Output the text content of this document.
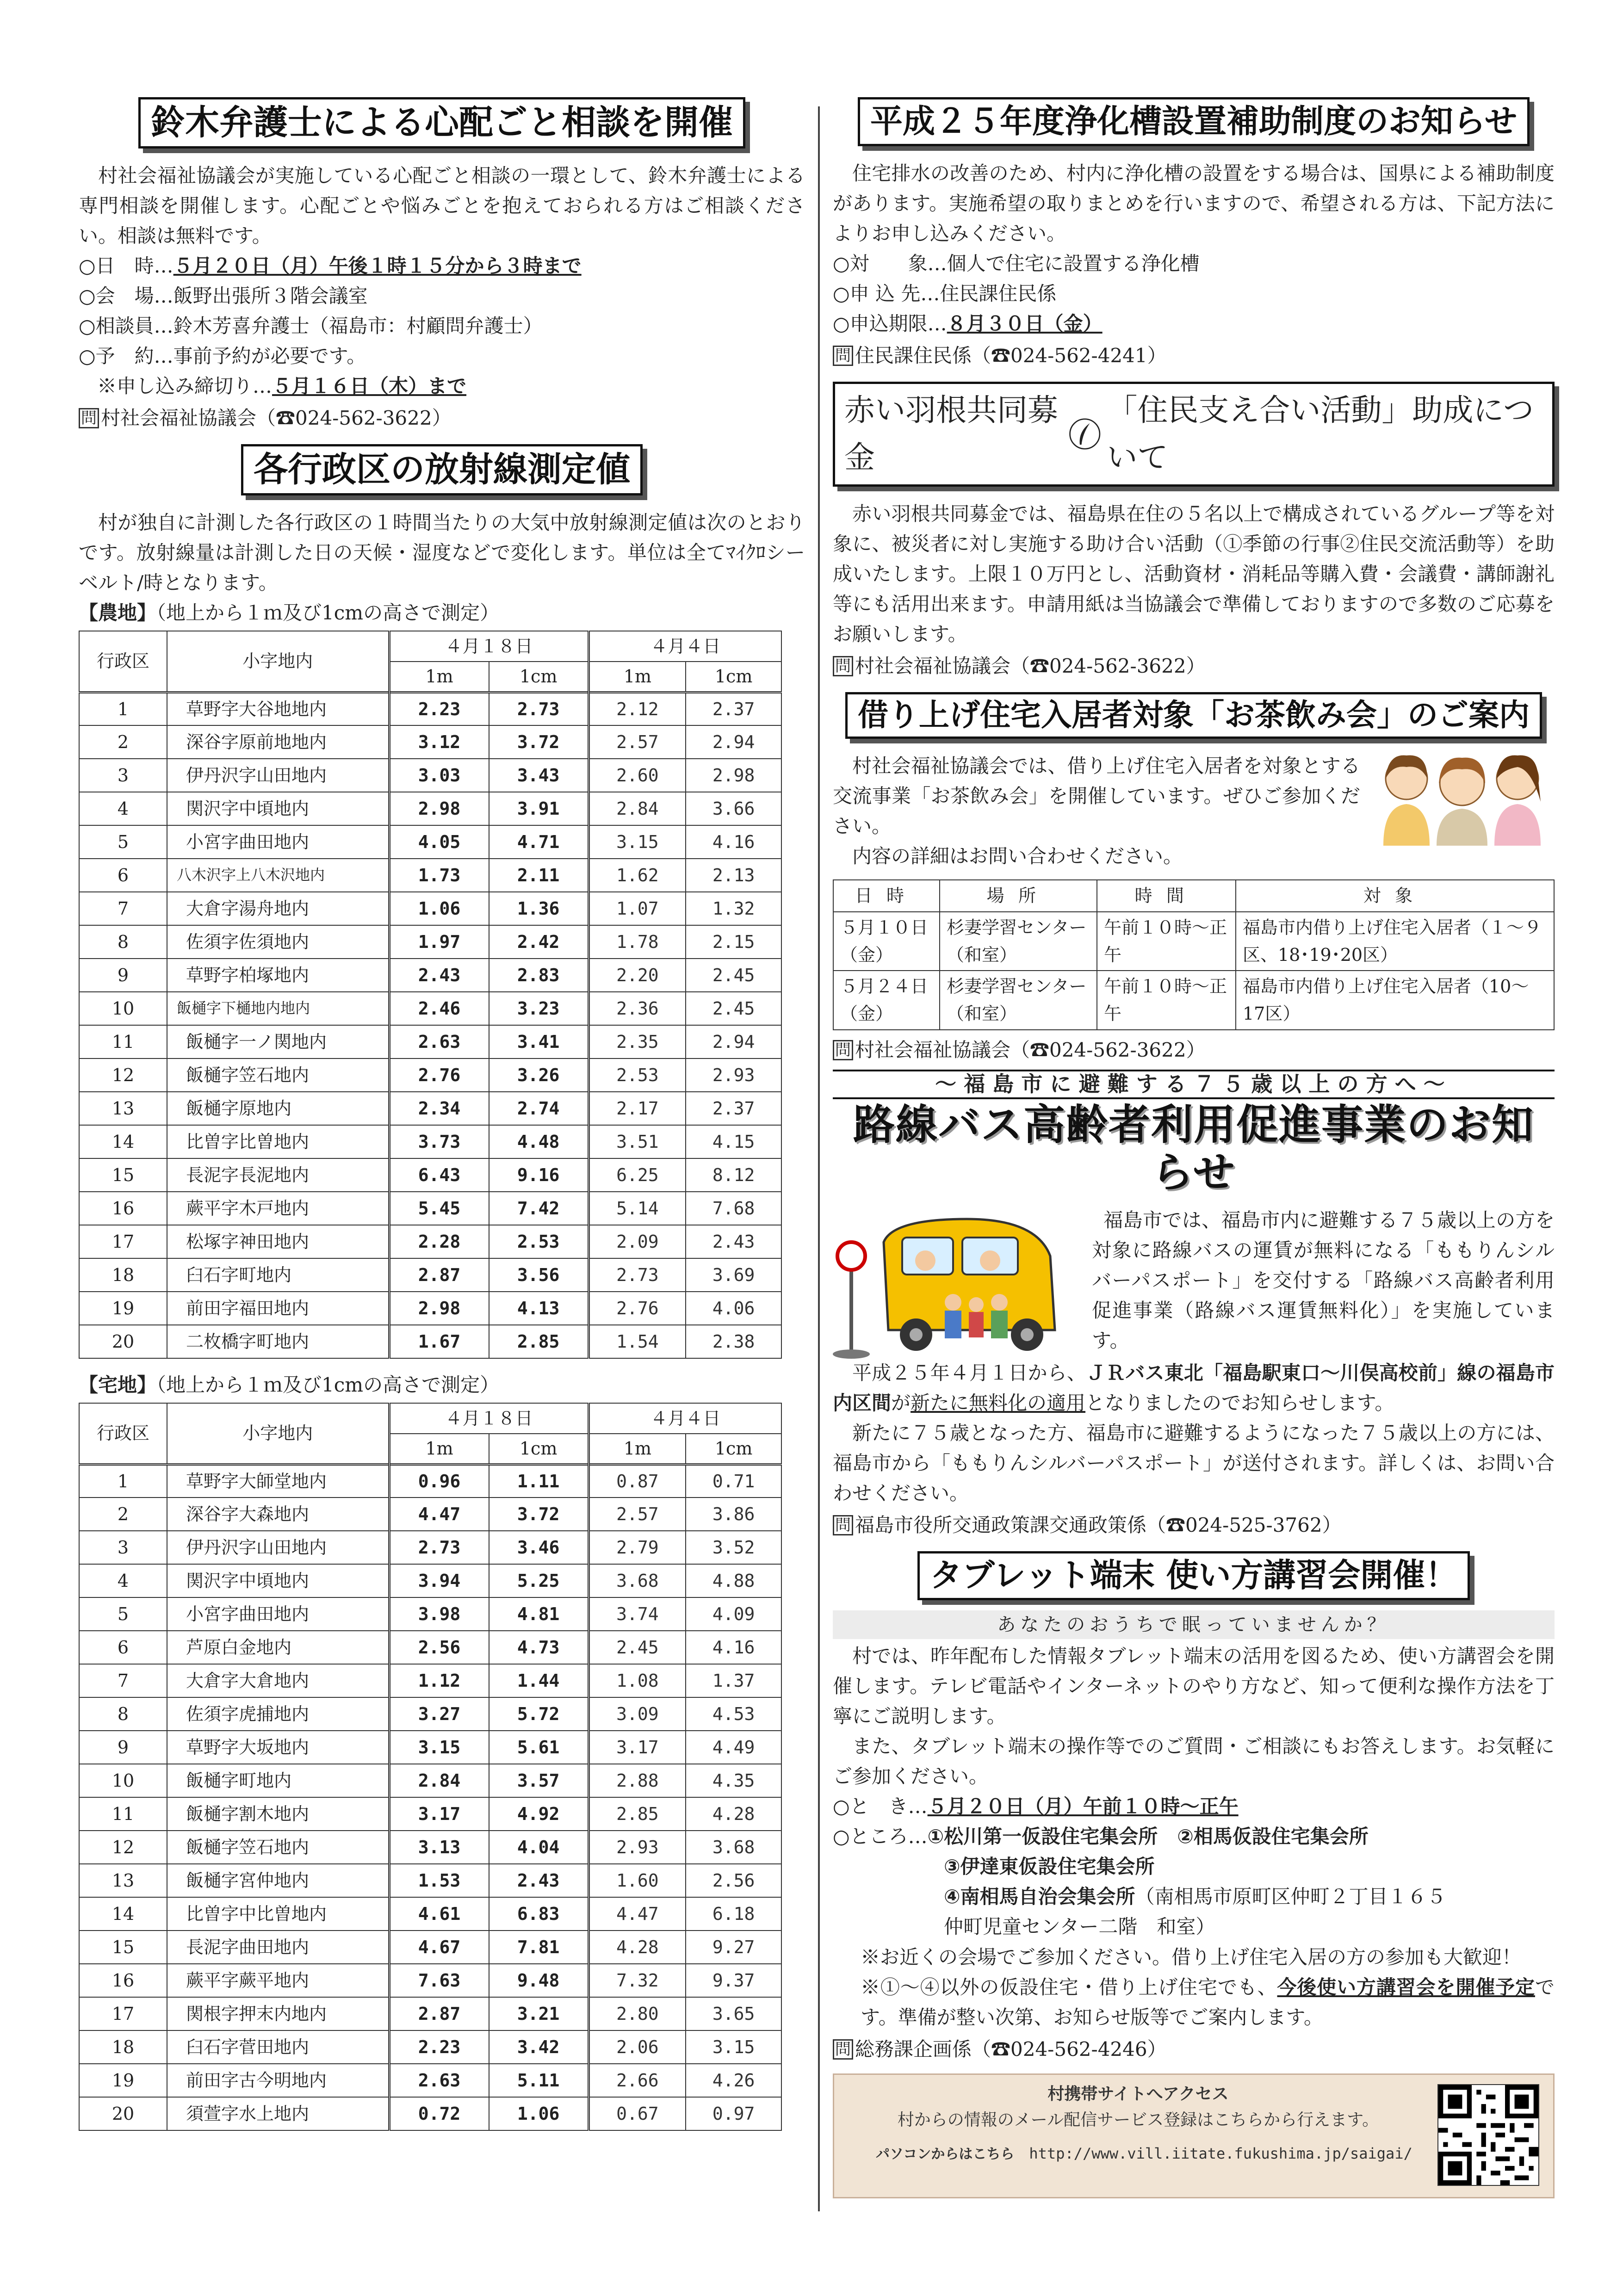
鈴木弁護士による心配ごと相談を開催

村社会福祉協議会が実施している心配ごと相談の一環として、鈴木弁護士による専門相談を開催します。心配ごとや悩みごとを抱えておられる方はご相談ください。相談は無料です。

○日　時…５月２０日（月）午後１時１５分から３時まで

○会　場…飯野出張所３階会議室

○相談員…鈴木芳喜弁護士（福島市：村顧問弁護士）

○予　約…事前予約が必要です。

※申し込み締切り…５月１６日（木）まで

問 村社会福祉協議会（☎024-562-3622）

各行政区の放射線測定値

村が独自に計測した各行政区の１時間当たりの大気中放射線測定値は次のとおりです。放射線量は計測した日の天候・湿度などで変化します。単位は全てﾏｲｸﾛシーベルト/時となります。

【農地】（地上から１ｍ及び1cmの高さで測定）

行政区	小字地内	４月１８日		４月４日	
		1m	1cm	1m	1cm
1	草野字大谷地地内	2.23	2.73	2.12	2.37
2	深谷字原前地地内	3.12	3.72	2.57	2.94
3	伊丹沢字山田地内	3.03	3.43	2.60	2.98
4	関沢字中頃地内	2.98	3.91	2.84	3.66
5	小宮字曲田地内	4.05	4.71	3.15	4.16
6	八木沢字上八木沢地内	1.73	2.11	1.62	2.13
7	大倉字湯舟地内	1.06	1.36	1.07	1.32
8	佐須字佐須地内	1.97	2.42	1.78	2.15
9	草野字柏塚地内	2.43	2.83	2.20	2.45
10	飯樋字下樋地内地内	2.46	3.23	2.36	2.45
11	飯樋字一ノ関地内	2.63	3.41	2.35	2.94
12	飯樋字笠石地内	2.76	3.26	2.53	2.93
13	飯樋字原地内	2.34	2.74	2.17	2.37
14	比曽字比曽地内	3.73	4.48	3.51	4.15
15	長泥字長泥地内	6.43	9.16	6.25	8.12
16	蕨平字木戸地内	5.45	7.42	5.14	7.68
17	松塚字神田地内	2.28	2.53	2.09	2.43
18	臼石字町地内	2.87	3.56	2.73	3.69
19	前田字福田地内	2.98	4.13	2.76	4.06
20	二枚橋字町地内	1.67	2.85	1.54	2.38

【宅地】（地上から１ｍ及び1cmの高さで測定）

行政区	小字地内	４月１８日		４月４日	
		1m	1cm	1m	1cm
1	草野字大師堂地内	0.96	1.11	0.87	0.71
2	深谷字大森地内	4.47	3.72	2.57	3.86
3	伊丹沢字山田地内	2.73	3.46	2.79	3.52
4	関沢字中頃地内	3.94	5.25	3.68	4.88
5	小宮字曲田地内	3.98	4.81	3.74	4.09
6	芦原白金地内	2.56	4.73	2.45	4.16
7	大倉字大倉地内	1.12	1.44	1.08	1.37
8	佐須字虎捕地内	3.27	5.72	3.09	4.53
9	草野字大坂地内	3.15	5.61	3.17	4.49
10	飯樋字町地内	2.84	3.57	2.88	4.35
11	飯樋字割木地内	3.17	4.92	2.85	4.28
12	飯樋字笠石地内	3.13	4.04	2.93	3.68
13	飯樋字宮仲地内	1.53	2.43	1.60	2.56
14	比曽字中比曽地内	4.61	6.83	4.47	6.18
15	長泥字曲田地内	4.67	7.81	4.28	9.27
16	蕨平字蕨平地内	7.63	9.48	7.32	9.37
17	関根字押末内地内	2.87	3.21	2.80	3.65
18	臼石字菅田地内	2.23	3.42	2.06	3.15
19	前田字古今明地内	2.63	5.11	2.66	4.26
20	須萱字水上地内	0.72	1.06	0.67	0.97
平成２５年度浄化槽設置補助制度のお知らせ

住宅排水の改善のため、村内に浄化槽の設置をする場合は、国県による補助制度があります。実施希望の取りまとめを行いますので、希望される方は、下記方法によりお申し込みください。

○対　　象…個人で住宅に設置する浄化槽

○申 込 先…住民課住民係

○申込期限…８月３０日（金）

問 住民課住民係（☎024-562-4241）

赤い羽根共同募金
「住民支え合い活動」助成について

赤い羽根共同募金では、福島県在住の５名以上で構成されているグループ等を対象に、被災者に対し実施する助け合い活動（①季節の行事②住民交流活動等）を助成いたします。上限１０万円とし、活動資材・消耗品等購入費・会議費・講師謝礼等にも活用出来ます。申請用紙は当協議会で準備しておりますので多数のご応募をお願いします。

問 村社会福祉協議会（☎024-562-3622）

借り上げ住宅入居者対象「お茶飲み会」のご案内

村社会福祉協議会では、借り上げ住宅入居者を対象とする交流事業「お茶飲み会」を開催しています。ぜひご参加ください。

内容の詳細はお問い合わせください。

日時	場所	時間	対象
５月１０日（金）	杉妻学習センター（和室）	午前１０時〜正午	福島市内借り上げ住宅入居者（１〜９区、18･19･20区）
５月２４日（金）	杉妻学習センター（和室）	午前１０時〜正午	福島市内借り上げ住宅入居者（10〜17区）

問 村社会福祉協議会（☎024-562-3622）

〜福島市に避難する７５歳以上の方へ〜
路線バス高齢者利用促進事業のお知らせ

福島市では、福島市内に避難する７５歳以上の方を対象に路線バスの運賃が無料になる「ももりんシルバーパスポート」を交付する「路線バス高齢者利用促進事業（路線バス運賃無料化）」を実施しています。

平成２５年４月１日から、ＪＲバス東北「福島駅東口〜川俣高校前」線の福島市内区間が新たに無料化の適用となりましたのでお知らせします。

新たに７５歳となった方、福島市に避難するようになった７５歳以上の方には、福島市から「ももりんシルバーパスポート」が送付されます。詳しくは、お問い合わせください。

問 福島市役所交通政策課交通政策係（☎024-525-3762）

タブレット端末 使い方講習会開催！
あなたのおうちで眠っていませんか？

村では、昨年配布した情報タブレット端末の活用を図るため、使い方講習会を開催します。テレビ電話やインターネットのやり方など、知って便利な操作方法を丁寧にご説明します。

また、タブレット端末の操作等でのご質問・ご相談にもお答えします。お気軽にご参加ください。

○と　き…５月２０日（月）午前１０時〜正午

○ところ…①松川第一仮設住宅集会所　②相馬仮設住宅集会所

③伊達東仮設住宅集会所

④南相馬自治会集会所（南相馬市原町区仲町２丁目１６５

仲町児童センター二階　和室）

※お近くの会場でご参加ください。借り上げ住宅入居の方の参加も大歓迎！

※①〜④以外の仮設住宅・借り上げ住宅でも、今後使い方講習会を開催予定です。準備が整い次第、お知らせ版等でご案内します。

問 総務課企画係（☎024-562-4246）

村携帯サイトへアクセス
村からの情報のメール配信サービス登録はこちらから行えます。
パソコンからはこちら　 http://www.vill.iitate.fukushima.jp/saigai/
